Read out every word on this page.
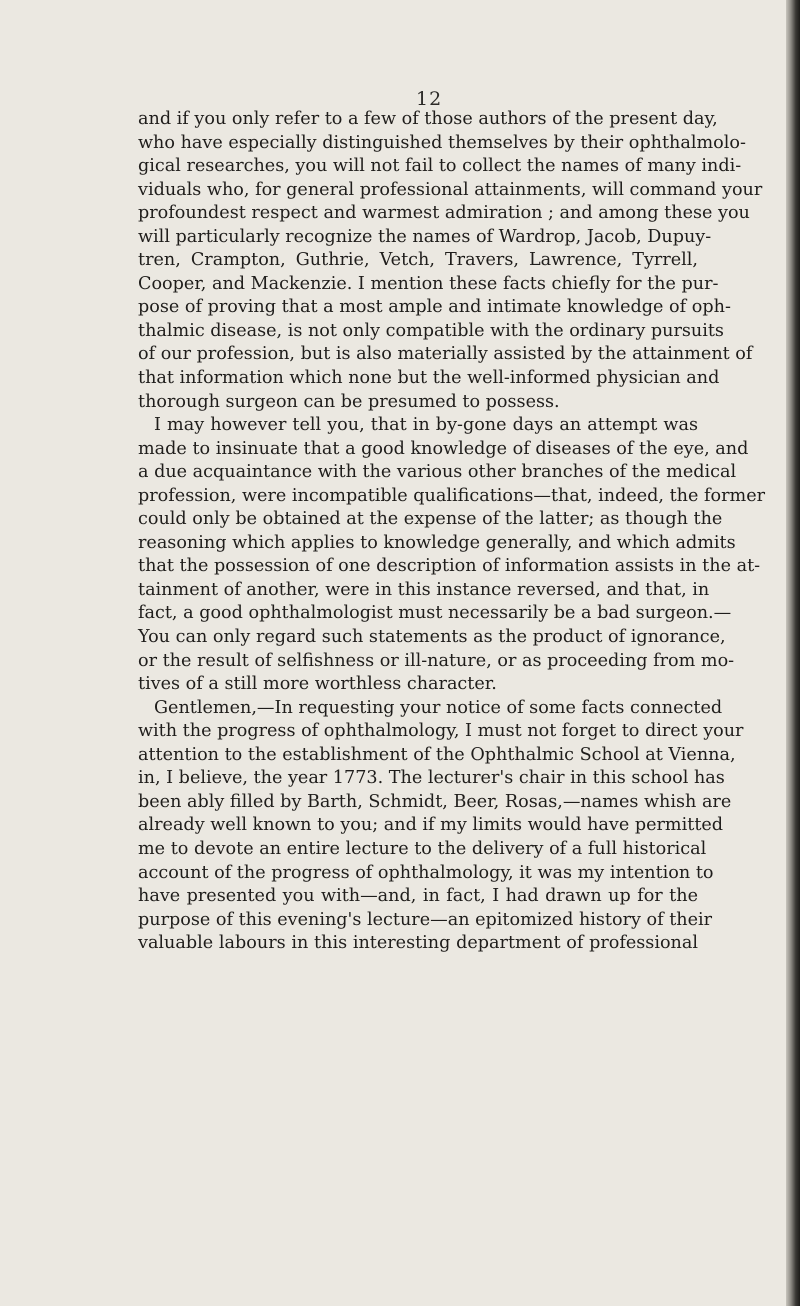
12
and if you only refer to a few of those authors of the present day,
who have especially distinguished themselves by their ophthalmolo-
gical researches, you will not fail to collect the names of many indi-
viduals who, for general professional attainments, will command your
profoundest respect and warmest admiration ; and among these you
will particularly recognize the names of Wardrop, Jacob, Dupuy-
tren, Crampton, Guthrie, Vetch, Travers, Lawrence, Tyrrell,
Cooper, and Mackenzie. I mention these facts chiefly for the pur-
pose of proving that a most ample and intimate knowledge of oph-
thalmic disease, is not only compatible with the ordinary pursuits
of our profession, but is also materially assisted by the attainment of
that information which none but the well-informed physician and
thorough surgeon can be presumed to possess.
I may however tell you, that in by-gone days an attempt was
made to insinuate that a good knowledge of diseases of the eye, and
a due acquaintance with the various other branches of the medical
profession, were incompatible qualifications—that, indeed, the former
could only be obtained at the expense of the latter; as though the
reasoning which applies to knowledge generally, and which admits
that the possession of one description of information assists in the at-
tainment of another, were in this instance reversed, and that, in
fact, a good ophthalmologist must necessarily be a bad surgeon.—
You can only regard such statements as the product of ignorance,
or the result of selfishness or ill-nature, or as proceeding from mo-
tives of a still more worthless character.
Gentlemen,—In requesting your notice of some facts connected
with the progress of ophthalmology, I must not forget to direct your
attention to the establishment of the Ophthalmic School at Vienna,
in, I believe, the year 1773. The lecturer's chair in this school has
been ably filled by Barth, Schmidt, Beer, Rosas,—names whish are
already well known to you; and if my limits would have permitted
me to devote an entire lecture to the delivery of a full historical
account of the progress of ophthalmology, it was my intention to
have presented you with—and, in fact, I had drawn up for the
purpose of this evening's lecture—an epitomized history of their
valuable labours in this interesting department of professional
